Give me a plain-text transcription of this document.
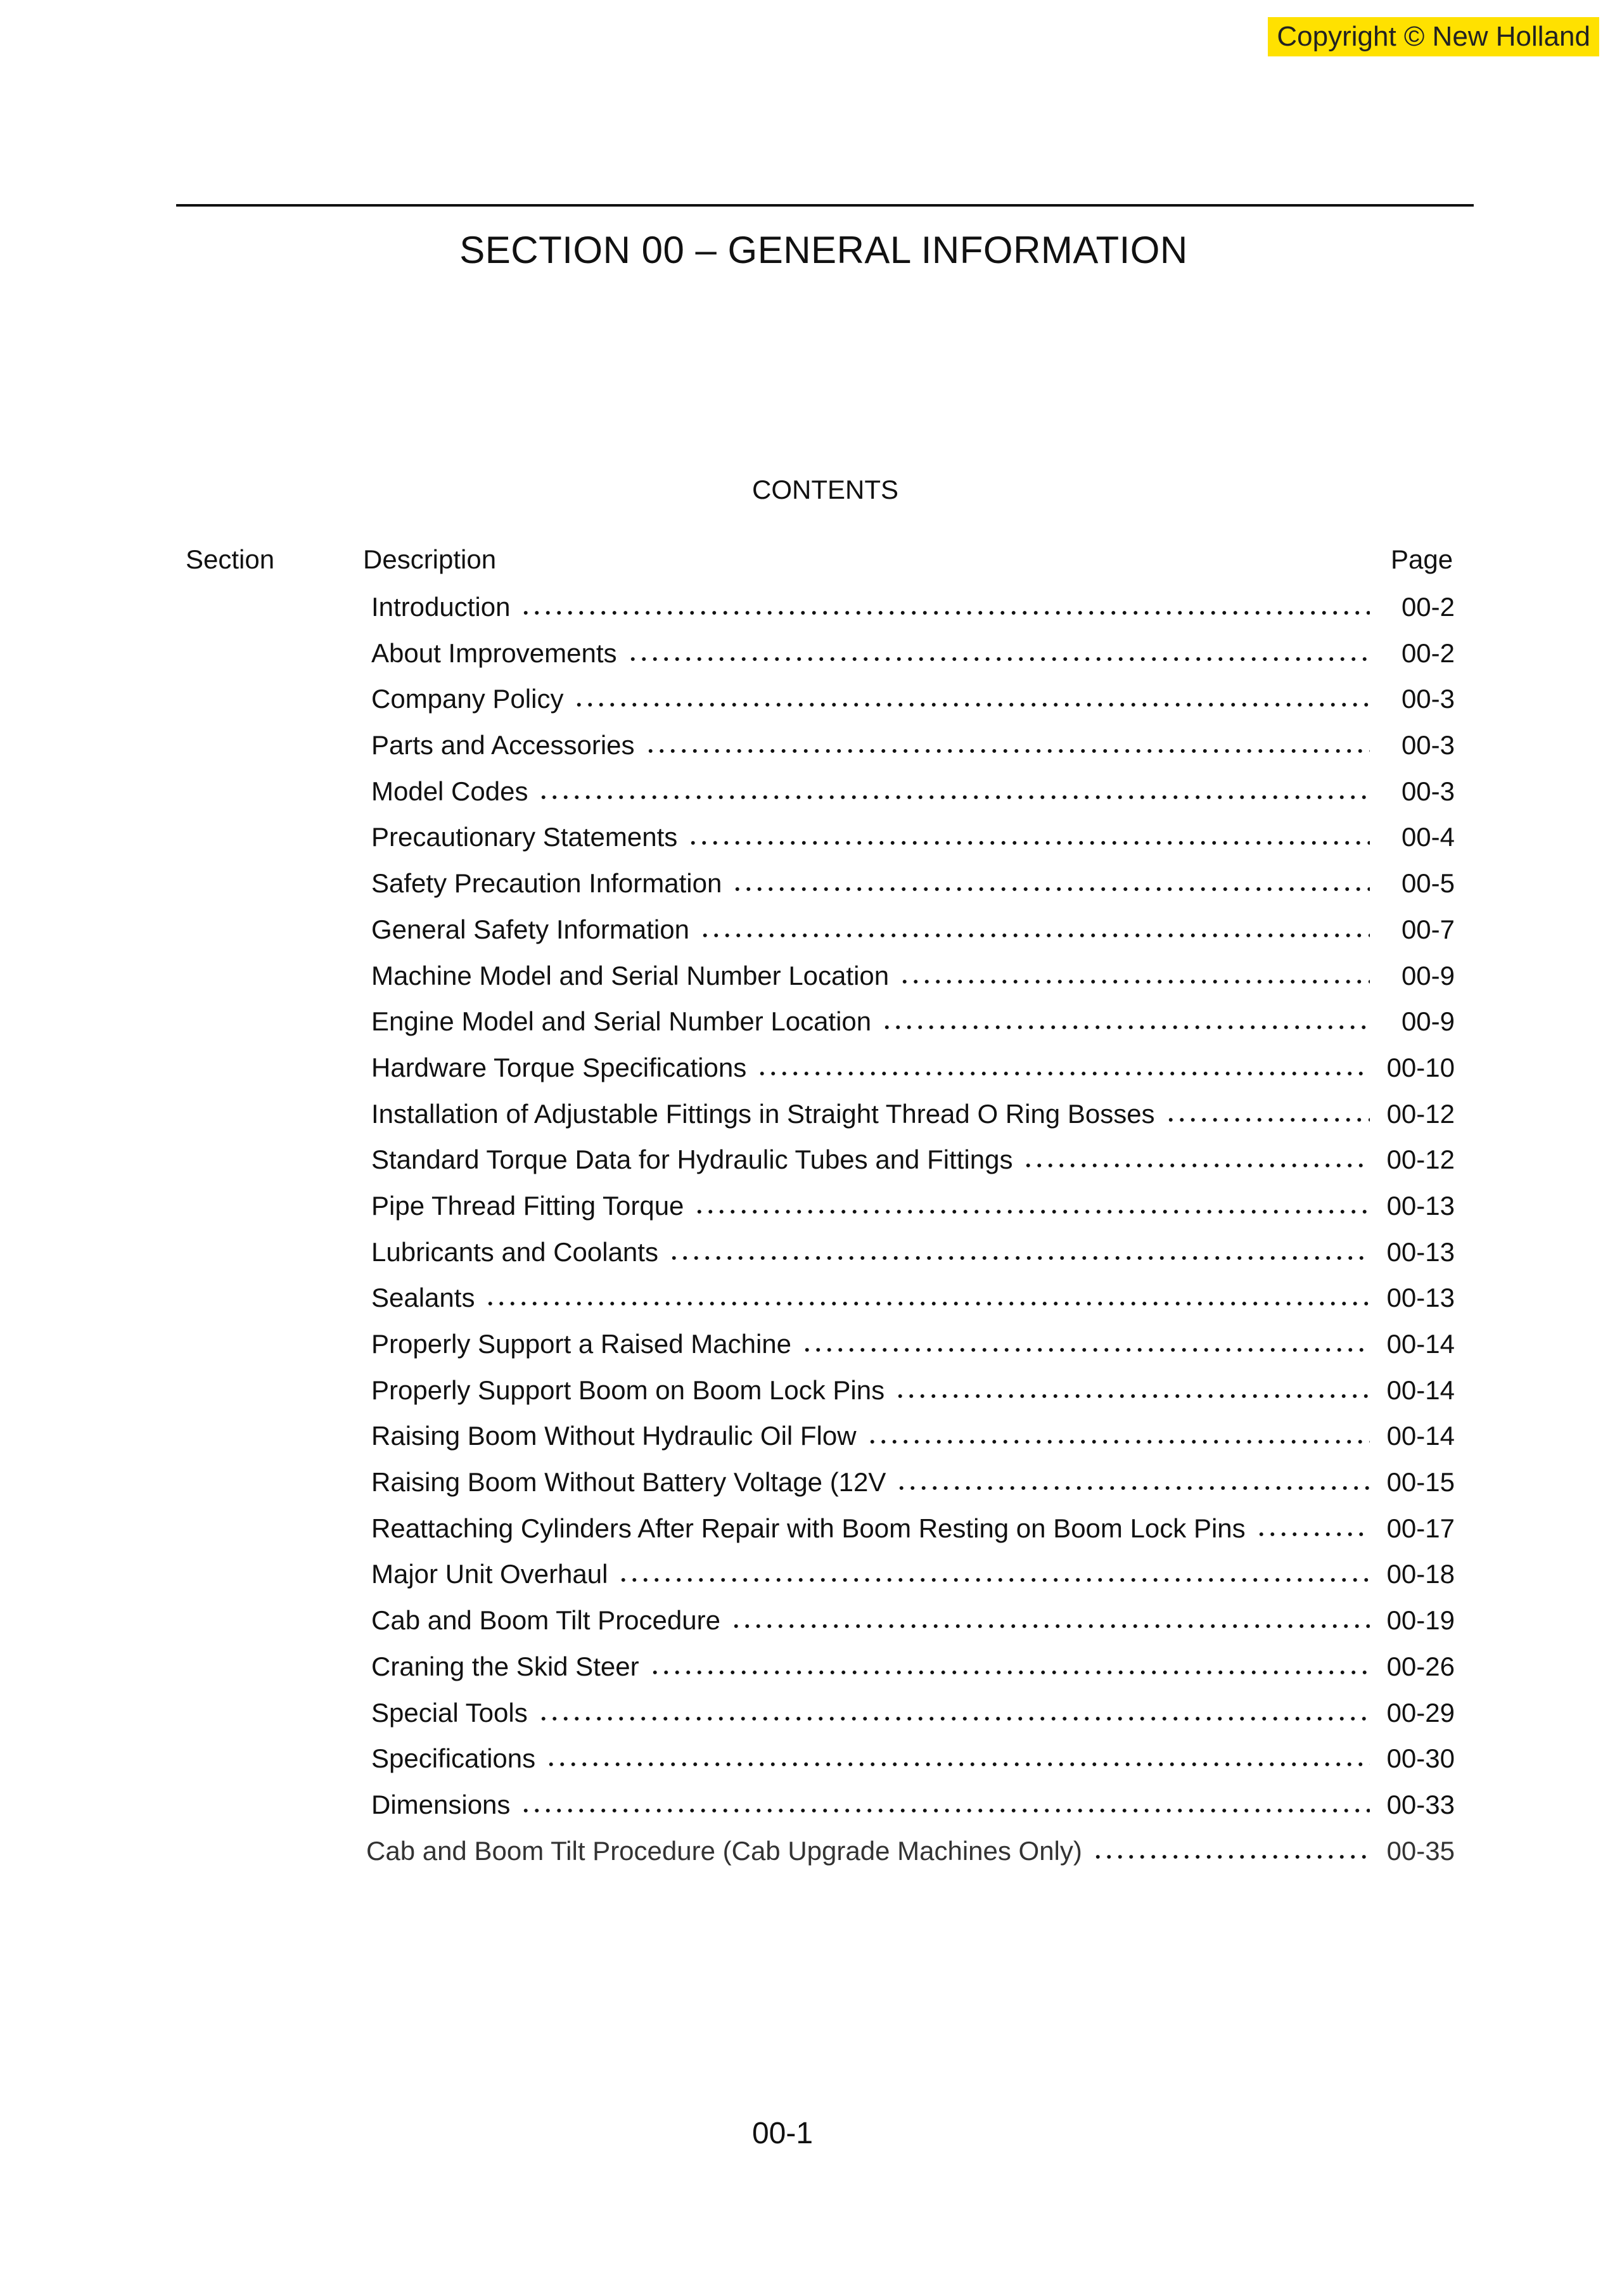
Copyright © New Holland
SECTION 00 – GENERAL INFORMATION
CONTENTS
Section	Description	Page
Introduction	00-2
About Improvements	00-2
Company Policy	00-3
Parts and Accessories	00-3
Model Codes	00-3
Precautionary Statements	00-4
Safety Precaution Information	00-5
General Safety Information	00-7
Machine Model and Serial Number Location	00-9
Engine Model and Serial Number Location	00-9
Hardware Torque Specifications	00-10
Installation of Adjustable Fittings in Straight Thread O Ring Bosses	00-12
Standard Torque Data for Hydraulic Tubes and Fittings	00-12
Pipe Thread Fitting Torque	00-13
Lubricants and Coolants	00-13
Sealants	00-13
Properly Support a Raised Machine	00-14
Properly Support Boom on Boom Lock Pins	00-14
Raising Boom Without Hydraulic Oil Flow	00-14
Raising Boom Without Battery Voltage (12V	00-15
Reattaching Cylinders After Repair with Boom Resting on Boom Lock Pins	00-17
Major Unit Overhaul	00-18
Cab and Boom Tilt Procedure	00-19
Craning the Skid Steer	00-26
Special Tools	00-29
Specifications	00-30
Dimensions	00-33
Cab and Boom Tilt Procedure (Cab Upgrade Machines Only)	00-35
00-1
